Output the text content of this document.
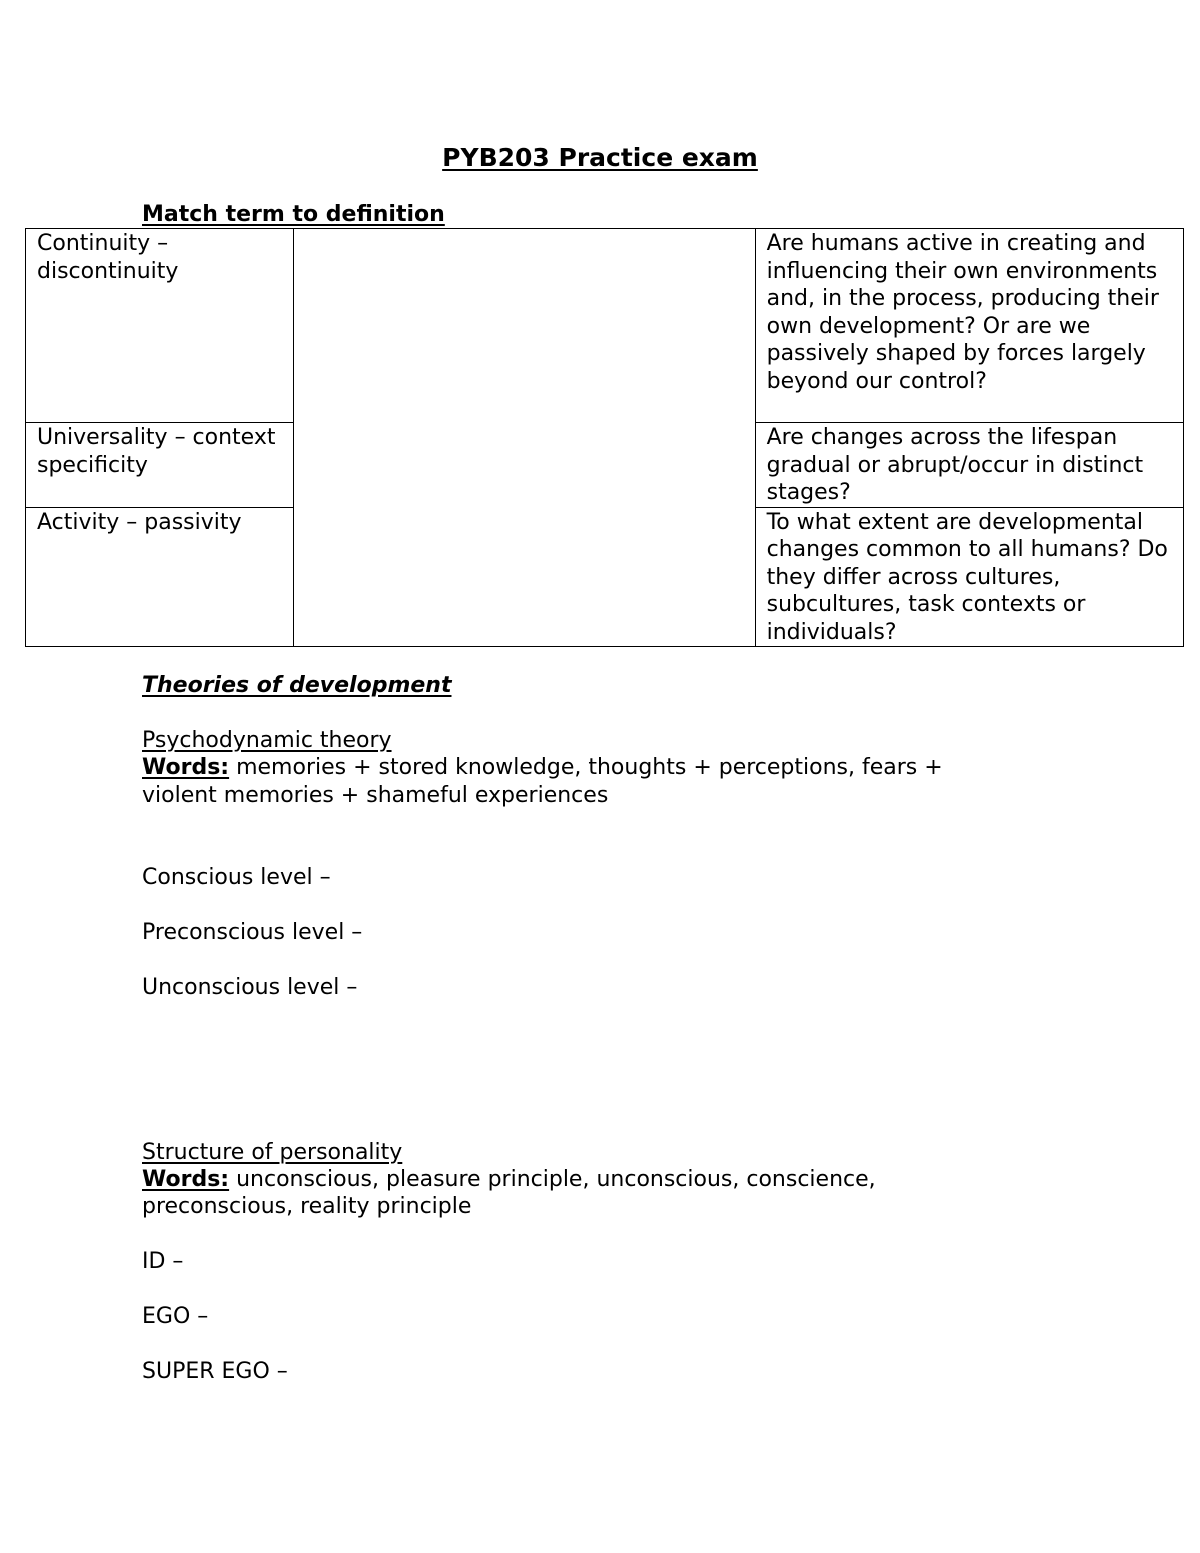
PYB203 Practice exam
Match term to definition
Continuity – discontinuity		Are humans active in creating and influencing their own environments and, in the process, producing their own development? Or are we passively shaped by forces largely beyond our control?
Universality – context specificity		Are changes across the lifespan gradual or abrupt/occur in distinct stages?
Activity – passivity		To what extent are developmental changes common to all humans? Do they differ across cultures, subcultures, task contexts or individuals?
Theories of development
Psychodynamic theory
Words: memories + stored knowledge, thoughts + perceptions, fears +
violent memories + shameful experiences
Conscious level –
Preconscious level –
Unconscious level –
Structure of personality
Words: unconscious, pleasure principle, unconscious, conscience,
preconscious, reality principle
ID –
EGO –
SUPER EGO –
